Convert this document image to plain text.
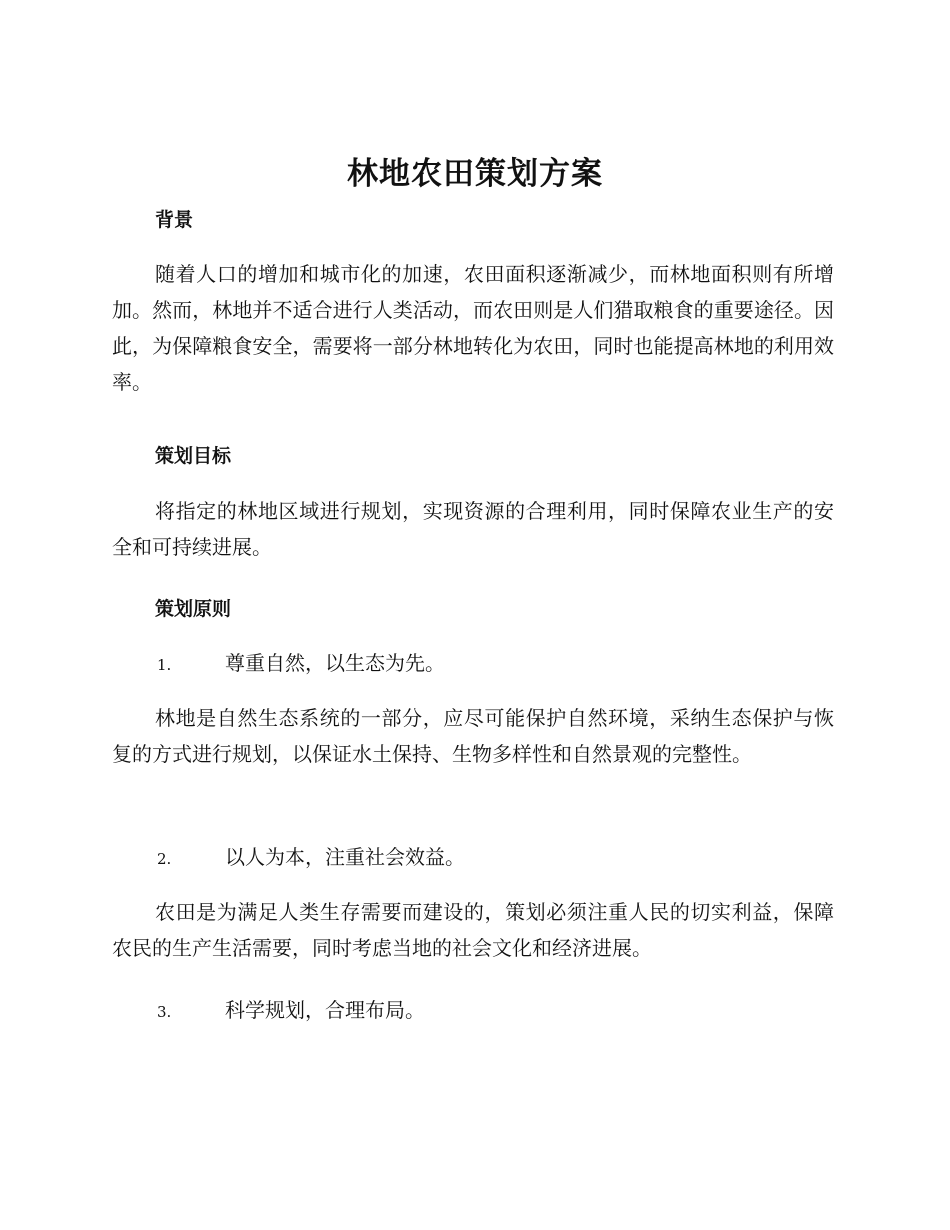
林地农田策划方案
背景

随着人口的增加和城市化的加速，农田面积逐渐减少，而林地面积则有所增加。然而，林地并不适合进行人类活动，而农田则是人们猎取粮食的重要途径。因此，为保障粮食安全，需要将一部分林地转化为农田，同时也能提高林地的利用效率。

策划目标

将指定的林地区域进行规划，实现资源的合理利用，同时保障农业生产的安全和可持续进展。

策划原则
1.	尊重自然，以生态为先。

林地是自然生态系统的一部分，应尽可能保护自然环境，采纳生态保护与恢复的方式进行规划，以保证水土保持、生物多样性和自然景观的完整性。

2.	以人为本，注重社会效益。

农田是为满足人类生存需要而建设的，策划必须注重人民的切实利益，保障农民的生产生活需要，同时考虑当地的社会文化和经济进展。

3.	科学规划，合理布局。
